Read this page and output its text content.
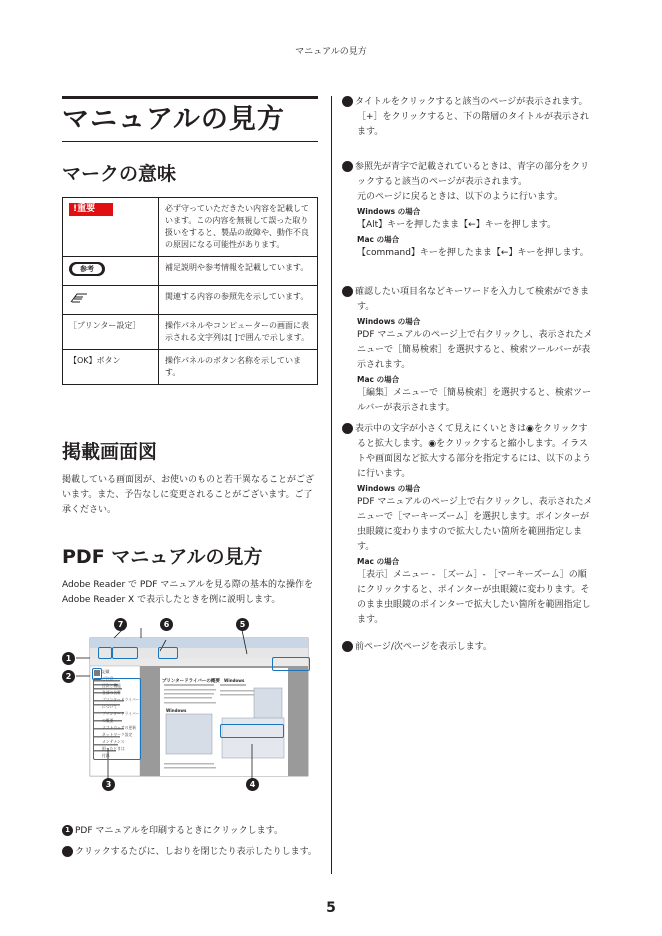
マニュアルの見方
マニュアルの見方
マークの意味
!重要	必ず守っていただきたい内容を記載しています。この内容を無視して誤った取り扱いをすると、製品の故障や、動作不良の原因になる可能性があります。

参考	補足説明や参考情報を記載しています。
	関連する内容の参照先を示しています。
［プリンター設定］	操作パネルやコンピューターの画面に表示される文字列は[ ]で囲んで示します。
【OK】ボタン	操作パネルのボタン名称を示しています。
掲載画面図
掲載している画面図が、お使いのものと若干異なることがございます。また、予告なしに変更されることがございます。ご了承ください。
PDF マニュアルの見方
Adobe Reader で PDF マニュアルを見る際の基本的な操作を Adobe Reader X で表示したときを例に説明します。
プリンタードライバーの概要 Windows
Windows
記載
ご注意
目次と機能
各部の名称
プリンタードライバーについて
プリンタードライバーの概要
ソフトウェアの更新
ネットワーク設定
メンテナンス
困ったときは
付録
1
2
3	4
5
6
7
1 PDF マニュアルを印刷するときにクリックします。
2 クリックするたびに、しおりを閉じたり表示したりします。
3 タイトルをクリックすると該当のページが表示されます。
［+］をクリックすると、下の階層のタイトルが表示されます。
4 参照先が青字で記載されているときは、青字の部分をクリックすると該当のページが表示されます。
元のページに戻るときは、以下のように行います。
Windows の場合
【Alt】キーを押したまま【←】キーを押します。
Mac の場合
【command】キーを押したまま【←】キーを押します。
5 確認したい項目名などキーワードを入力して検索ができます。
Windows の場合
PDF マニュアルのページ上で右クリックし、表示されたメニューで［簡易検索］を選択すると、検索ツールバーが表示されます。
Mac の場合
［編集］メニューで［簡易検索］を選択すると、検索ツールバーが表示されます。
6 表示中の文字が小さくて見えにくいときは◉をクリックすると拡大します。◉をクリックすると縮小します。イラストや画面図など拡大する部分を指定するには、以下のように行います。
Windows の場合
PDF マニュアルのページ上で右クリックし、表示されたメニューで［マーキーズーム］を選択します。ポインターが虫眼鏡に変わりますので拡大したい箇所を範囲指定します。
Mac の場合
［表示］メニュー - ［ズーム］- ［マーキーズーム］の順にクリックすると、ポインターが虫眼鏡に変わります。そのまま虫眼鏡のポインターで拡大したい箇所を範囲指定します。
7 前ページ/次ページを表示します。
5
